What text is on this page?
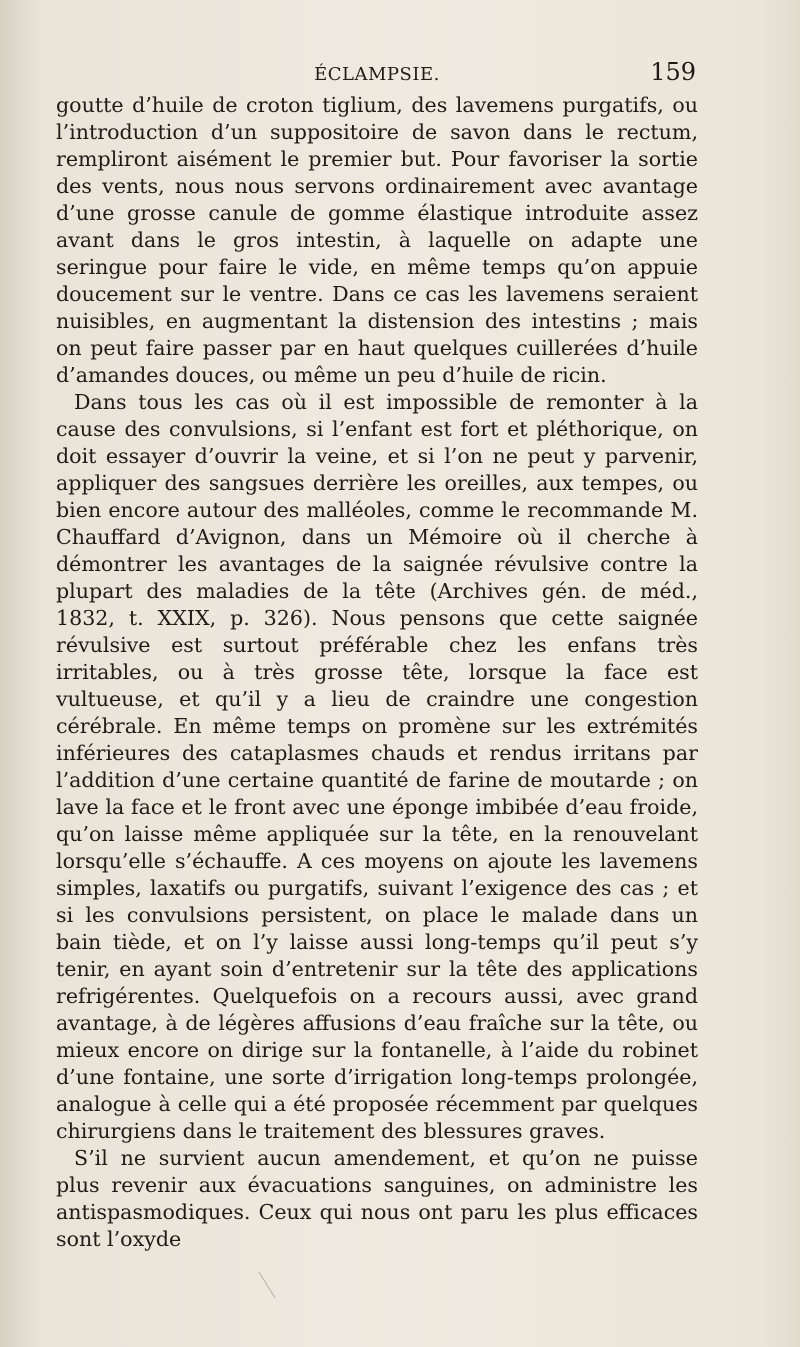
ÉCLAMPSIE.	159

goutte d’huile de croton tiglium, des lavemens purgatifs, ou l’introduction d’un suppositoire de savon dans le rectum, rempliront aisément le premier but. Pour favoriser la sortie des vents, nous nous servons ordinairement avec avantage d’une grosse canule de gomme élastique introduite assez avant dans le gros intestin, à laquelle on adapte une seringue pour faire le vide, en même temps qu’on appuie doucement sur le ventre. Dans ce cas les lavemens seraient nuisibles, en augmentant la distension des intestins ; mais on peut faire passer par en haut quelques cuillerées d’huile d’amandes douces, ou même un peu d’huile de ricin.

Dans tous les cas où il est impossible de remonter à la cause des convulsions, si l’enfant est fort et pléthorique, on doit essayer d’ouvrir la veine, et si l’on ne peut y parvenir, appliquer des sangsues derrière les oreilles, aux tempes, ou bien encore autour des malléoles, comme le recommande M. Chauffard d’Avignon, dans un Mémoire où il cherche à démontrer les avantages de la saignée révulsive contre la plupart des maladies de la tête (Archives gén. de méd., 1832, t. XXIX, p. 326). Nous pensons que cette saignée révulsive est surtout préférable chez les enfans très irritables, ou à très grosse tête, lorsque la face est vultueuse, et qu’il y a lieu de craindre une congestion cérébrale. En même temps on promène sur les extrémités inférieures des cataplasmes chauds et rendus irritans par l’addition d’une certaine quantité de farine de moutarde ; on lave la face et le front avec une éponge imbibée d’eau froide, qu’on laisse même appliquée sur la tête, en la renouvelant lorsqu’elle s’échauffe. A ces moyens on ajoute les lavemens simples, laxatifs ou purgatifs, suivant l’exigence des cas ; et si les convulsions persistent, on place le malade dans un bain tiède, et on l’y laisse aussi long-temps qu’il peut s’y tenir, en ayant soin d’entretenir sur la tête des applications refrigérentes. Quelquefois on a recours aussi, avec grand avantage, à de légères affusions d’eau fraîche sur la tête, ou mieux encore on dirige sur la fontanelle, à l’aide du robinet d’une fontaine, une sorte d’irrigation long-temps prolongée, analogue à celle qui a été proposée récemment par quelques chirurgiens dans le traitement des blessures graves.

S’il ne survient aucun amendement, et qu’on ne puisse plus revenir aux évacuations sanguines, on administre les antispasmodiques. Ceux qui nous ont paru les plus efficaces sont l’oxyde
